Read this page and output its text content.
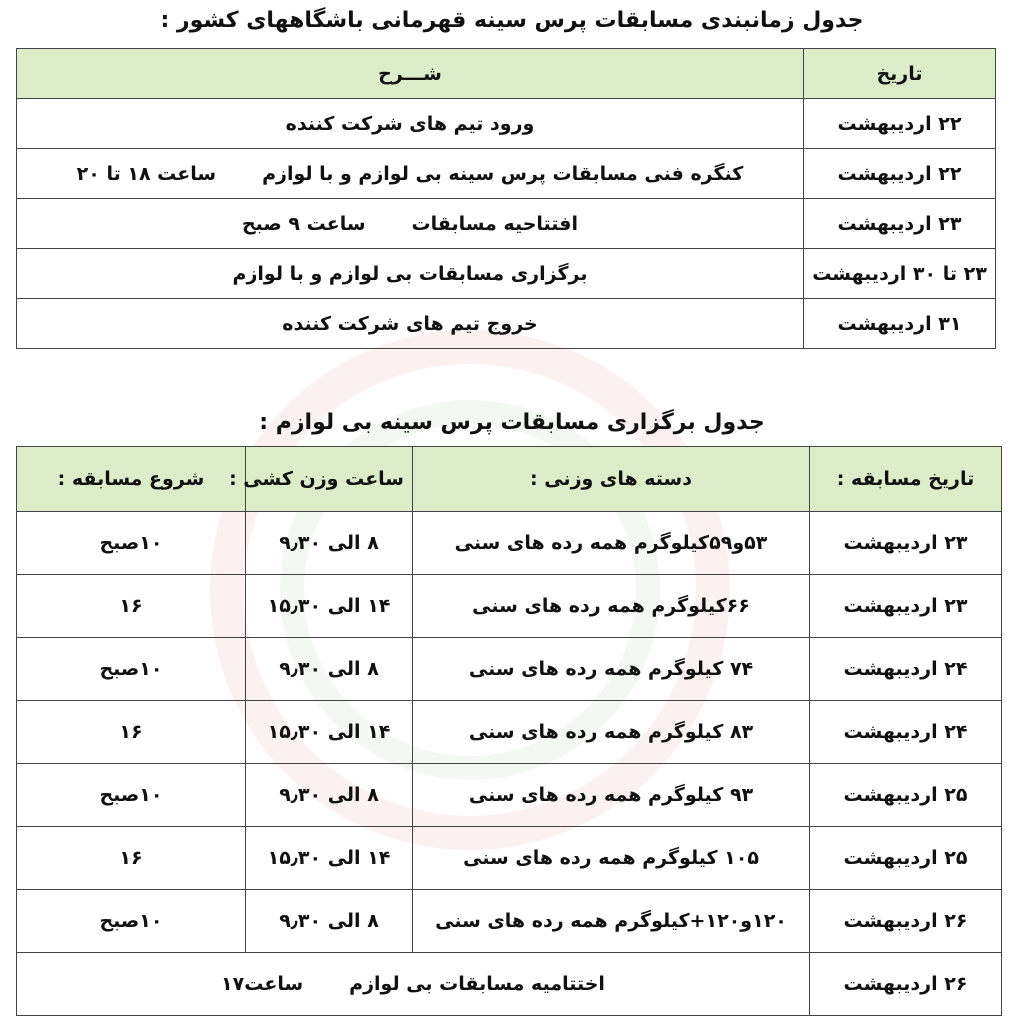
جدول زمانبندی مسابقات پرس سینه قهرمانی باشگاههای کشور :
تاریخ	شـــرح
۲۲ اردیبهشت	ورود تیم های شرکت کننده
۲۲ اردیبهشت	کنگره فنی مسابقات پرس سینه بی لوازم و با لوازمساعت ۱۸ تا ۲۰
۲۳ اردیبهشت	افتتاحیه مسابقاتساعت ۹ صبح
۲۳ تا ۳۰ اردیبهشت	برگزاری مسابقات بی لوازم و با لوازم
۳۱ اردیبهشت	خروج تیم های شرکت کننده
جدول برگزاری مسابقات پرس سینه بی لوازم :
تاریخ مسابقه :	دسته های وزنی :	ساعت وزن کشی :	شروع مسابقه :
۲۳ اردیبهشت	۵۳و۵۹کیلوگرم همه رده های سنی	۸ الی ۹٫۳۰	۱۰صبح
۲۳ اردیبهشت	۶۶کیلوگرم همه رده های سنی	۱۴ الی ۱۵٫۳۰	۱۶
۲۴ اردیبهشت	۷۴ کیلوگرم همه رده های سنی	۸ الی ۹٫۳۰	۱۰صبح
۲۴ اردیبهشت	۸۳ کیلوگرم همه رده های سنی	۱۴ الی ۱۵٫۳۰	۱۶
۲۵ اردیبهشت	۹۳ کیلوگرم همه رده های سنی	۸ الی ۹٫۳۰	۱۰صبح
۲۵ اردیبهشت	۱۰۵ کیلوگرم همه رده های سنی	۱۴ الی ۱۵٫۳۰	۱۶
۲۶ اردیبهشت	۱۲۰و۱۲۰+کیلوگرم همه رده های سنی	۸ الی ۹٫۳۰	۱۰صبح
۲۶ اردیبهشت	اختتامیه مسابقات بی لوازمساعت۱۷		
